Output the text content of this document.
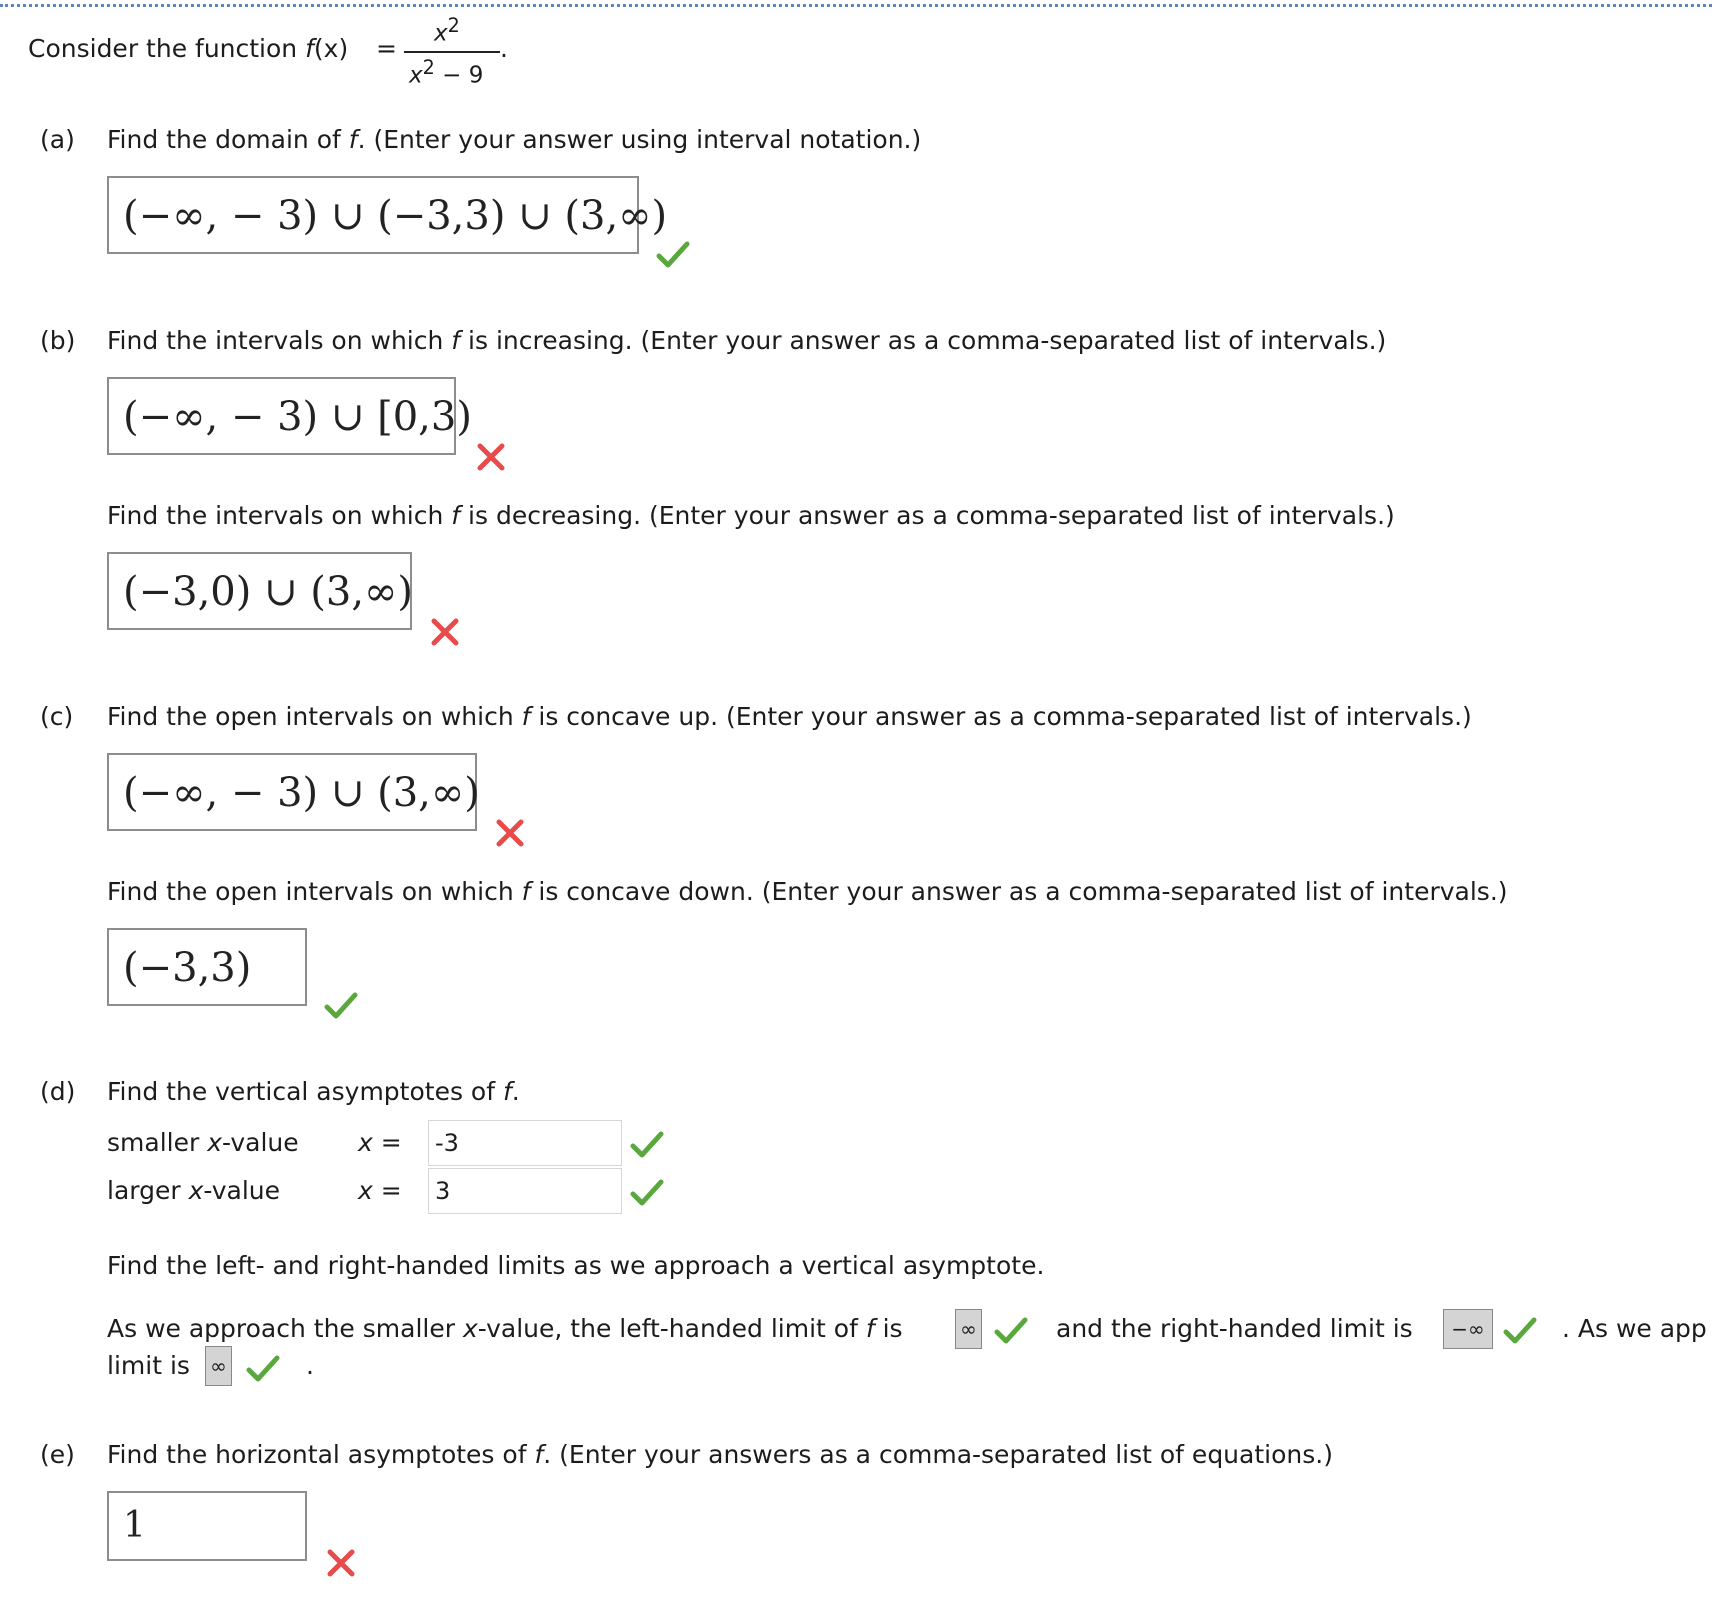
Consider the function f(x) =
$x^2$
$x^2 - 9$
.
(a) Find the domain of f. (Enter your answer using interval notation.)
(−∞, − 3) ∪ (−3,3) ∪ (3,∞)
(b) Find the intervals on which f is increasing. (Enter your answer as a comma-separated list of intervals.)
(−∞, − 3) ∪ [0,3)
Find the intervals on which f is decreasing. (Enter your answer as a comma-separated list of intervals.)
(−3,0) ∪ (3,∞)
(c) Find the open intervals on which f is concave up. (Enter your answer as a comma-separated list of intervals.)
(−∞, − 3) ∪ (3,∞)
Find the open intervals on which f is concave down. (Enter your answer as a comma-separated list of intervals.)
(−3,3)
(d) Find the vertical asymptotes of f.
smaller x-value x = -3
larger x-value	x = 3
Find the left- and right-handed limits as we approach a vertical asymptote.
As we approach the smaller x-value, the left-handed limit of f is	∞	and the right-handed limit is	−∞	. As we app
limit is ∞	.
(e) Find the horizontal asymptotes of f. (Enter your answers as a comma-separated list of equations.)
1
